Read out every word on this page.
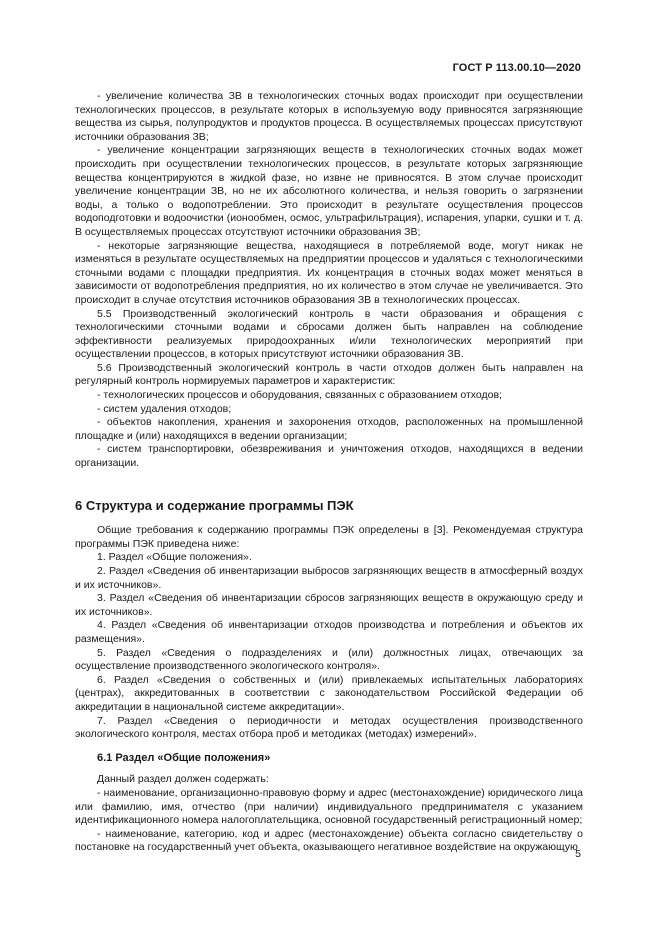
ГОСТ Р 113.00.10—2020

- увеличение количества ЗВ в технологических сточных водах происходит при осуществлении технологических процессов, в результате которых в используемую воду привносятся загрязняющие вещества из сырья, полупродуктов и продуктов процесса. В осуществляемых процессах присутствуют источники образования ЗВ;

- увеличение концентрации загрязняющих веществ в технологических сточных водах может происходить при осуществлении технологических процессов, в результате которых загрязняющие вещества концентрируются в жидкой фазе, но извне не привносятся. В этом случае происходит увеличение концентрации ЗВ, но не их абсолютного количества, и нельзя говорить о загрязнении воды, а только о водопотреблении. Это происходит в результате осуществления процессов водоподготовки и водоочистки (ионообмен, осмос, ультрафильтрация), испарения, упарки, сушки и т. д. В осуществляемых процессах отсутствуют источники образования ЗВ;

- некоторые загрязняющие вещества, находящиеся в потребляемой воде, могут никак не изменяться в результате осуществляемых на предприятии процессов и удаляться с технологическими сточными водами с площадки предприятия. Их концентрация в сточных водах может меняться в зависимости от водопотребления предприятия, но их количество в этом случае не увеличивается. Это происходит в случае отсутствия источников образования ЗВ в технологических процессах.

5.5 Производственный экологический контроль в части образования и обращения с технологическими сточными водами и сбросами должен быть направлен на соблюдение эффективности реализуемых природоохранных и/или технологических мероприятий при осуществлении процессов, в которых присутствуют источники образования ЗВ.

5.6 Производственный экологический контроль в части отходов должен быть направлен на регулярный контроль нормируемых параметров и характеристик:

- технологических процессов и оборудования, связанных с образованием отходов;

- систем удаления отходов;

- объектов накопления, хранения и захоронения отходов, расположенных на промышленной площадке и (или) находящихся в ведении организации;

- систем транспортировки, обезвреживания и уничтожения отходов, находящихся в ведении организации.

6 Структура и содержание программы ПЭК

Общие требования к содержанию программы ПЭК определены в [3]. Рекомендуемая структура программы ПЭК приведена ниже:

1. Раздел «Общие положения».

2. Раздел «Сведения об инвентаризации выбросов загрязняющих веществ в атмосферный воздух и их источников».

3. Раздел «Сведения об инвентаризации сбросов загрязняющих веществ в окружающую среду и их источников».

4. Раздел «Сведения об инвентаризации отходов производства и потребления и объектов их размещения».

5. Раздел «Сведения о подразделениях и (или) должностных лицах, отвечающих за осуществление производственного экологического контроля».

6. Раздел «Сведения о собственных и (или) привлекаемых испытательных лабораториях (центрах), аккредитованных в соответствии с законодательством Российской Федерации об аккредитации в национальной системе аккредитации».

7. Раздел «Сведения о периодичности и методах осуществления производственного экологического контроля, местах отбора проб и методиках (методах) измерений».

6.1 Раздел «Общие положения»

Данный раздел должен содержать:

- наименование, организационно-правовую форму и адрес (местонахождение) юридического лица или фамилию, имя, отчество (при наличии) индивидуального предпринимателя с указанием идентификационного номера налогоплательщика, основной государственный регистрационный номер;

- наименование, категорию, код и адрес (местонахождение) объекта согласно свидетельству о постановке на государственный учет объекта, оказывающего негативное воздействие на окружающую

5
